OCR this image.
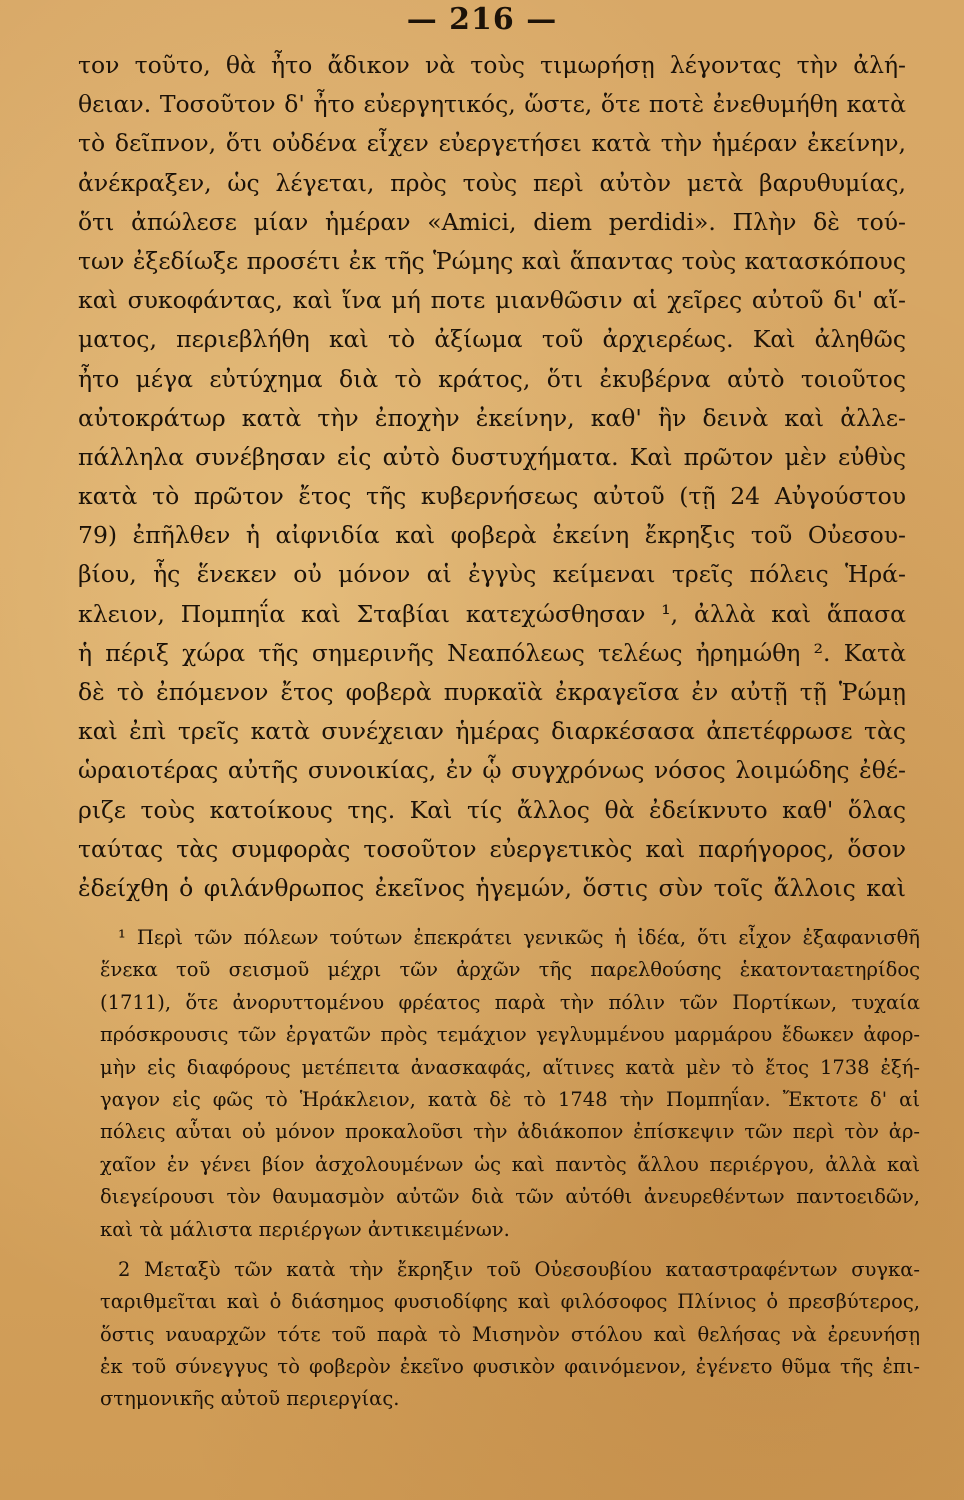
— 216 —
τον τοῦτο, θὰ ἦτο ἄδικον νὰ τοὺς τιμωρήσῃ λέγοντας τὴν ἀλή-
θειαν. Τοσοῦτον δ' ἦτο εὐεργητικός, ὥστε, ὅτε ποτὲ ἐνεθυμήθη κατὰ
τὸ δεῖπνον, ὅτι οὐδένα εἶχεν εὐεργετήσει κατὰ τὴν ἡμέραν ἐκείνην,
ἀνέκραξεν, ὡς λέγεται, πρὸς τοὺς περὶ αὐτὸν μετὰ βαρυθυμίας,
ὅτι ἀπώλεσε μίαν ἡμέραν «Amici, diem perdidi». Πλὴν δὲ τού-
των ἐξεδίωξε προσέτι ἐκ τῆς Ῥώμης καὶ ἅπαντας τοὺς κατασκόπους
καὶ συκοφάντας, καὶ ἵνα μή ποτε μιανθῶσιν αἱ χεῖρες αὐτοῦ δι' αἵ-
ματος, περιεβλήθη καὶ τὸ ἀξίωμα τοῦ ἀρχιερέως. Καὶ ἀληθῶς
ἦτο μέγα εὐτύχημα διὰ τὸ κράτος, ὅτι ἐκυβέρνα αὐτὸ τοιοῦτος
αὐτοκράτωρ κατὰ τὴν ἐποχὴν ἐκείνην, καθ' ἣν δεινὰ καὶ ἀλλε-
πάλληλα συνέβησαν εἰς αὐτὸ δυστυχήματα. Καὶ πρῶτον μὲν εὐθὺς
κατὰ τὸ πρῶτον ἔτος τῆς κυβερνήσεως αὐτοῦ (τῇ 24 Αὐγούστου
79) ἐπῆλθεν ἡ αἰφνιδία καὶ φοβερὰ ἐκείνη ἔκρηξις τοῦ Οὐεσου-
βίου, ἧς ἕνεκεν οὐ μόνον αἱ ἐγγὺς κείμεναι τρεῖς πόλεις Ἡρά-
κλειον, Πομπηΐα καὶ Σταβίαι κατεχώσθησαν ¹, ἀλλὰ καὶ ἅπασα
ἡ πέριξ χώρα τῆς σημερινῆς Νεαπόλεως τελέως ἠρημώθη ². Κατὰ
δὲ τὸ ἐπόμενον ἔτος φοβερὰ πυρκαϊὰ ἐκραγεῖσα ἐν αὐτῇ τῇ Ῥώμῃ
καὶ ἐπὶ τρεῖς κατὰ συνέχειαν ἡμέρας διαρκέσασα ἀπετέφρωσε τὰς
ὡραιοτέρας αὐτῆς συνοικίας, ἐν ᾧ συγχρόνως νόσος λοιμώδης ἐθέ-
ριζε τοὺς κατοίκους της. Καὶ τίς ἄλλος θὰ ἐδείκνυτο καθ' ὅλας
ταύτας τὰς συμφορὰς τοσοῦτον εὐεργετικὸς καὶ παρήγορος, ὅσον
ἐδείχθη ὁ φιλάνθρωπος ἐκεῖνος ἡγεμών, ὅστις σὺν τοῖς ἄλλοις καὶ
¹ Περὶ τῶν πόλεων τούτων ἐπεκράτει γενικῶς ἡ ἰδέα, ὅτι εἶχον ἐξαφανισθῆ
ἕνεκα τοῦ σεισμοῦ μέχρι τῶν ἀρχῶν τῆς παρελθούσης ἑκατονταετηρίδος
(1711), ὅτε ἀνορυττομένου φρέατος παρὰ τὴν πόλιν τῶν Πορτίκων, τυχαία
πρόσκρουσις τῶν ἐργατῶν πρὸς τεμάχιον γεγλυμμένου μαρμάρου ἔδωκεν ἀφορ-
μὴν εἰς διαφόρους μετέπειτα ἀνασκαφάς, αἵτινες κατὰ μὲν τὸ ἔτος 1738 ἐξή-
γαγον εἰς φῶς τὸ Ἡράκλειον, κατὰ δὲ τὸ 1748 τὴν Πομπηΐαν. Ἔκτοτε δ' αἱ
πόλεις αὗται οὐ μόνον προκαλοῦσι τὴν ἀδιάκοπον ἐπίσκεψιν τῶν περὶ τὸν ἀρ-
χαῖον ἐν γένει βίον ἀσχολουμένων ὡς καὶ παντὸς ἄλλου περιέργου, ἀλλὰ καὶ
διεγείρουσι τὸν θαυμασμὸν αὐτῶν διὰ τῶν αὐτόθι ἀνευρεθέντων παντοειδῶν,
καὶ τὰ μάλιστα περιέργων ἀντικειμένων.
2 Μεταξὺ τῶν κατὰ τὴν ἔκρηξιν τοῦ Οὐεσουβίου καταστραφέντων συγκα-
ταριθμεῖται καὶ ὁ διάσημος φυσιοδίφης καὶ φιλόσοφος Πλίνιος ὁ πρεσβύτερος,
ὅστις ναυαρχῶν τότε τοῦ παρὰ τὸ Μισηνὸν στόλου καὶ θελήσας νὰ ἐρευνήσῃ
ἐκ τοῦ σύνεγγυς τὸ φοβερὸν ἐκεῖνο φυσικὸν φαινόμενον, ἐγένετο θῦμα τῆς ἐπι-
στημονικῆς αὐτοῦ περιεργίας.
